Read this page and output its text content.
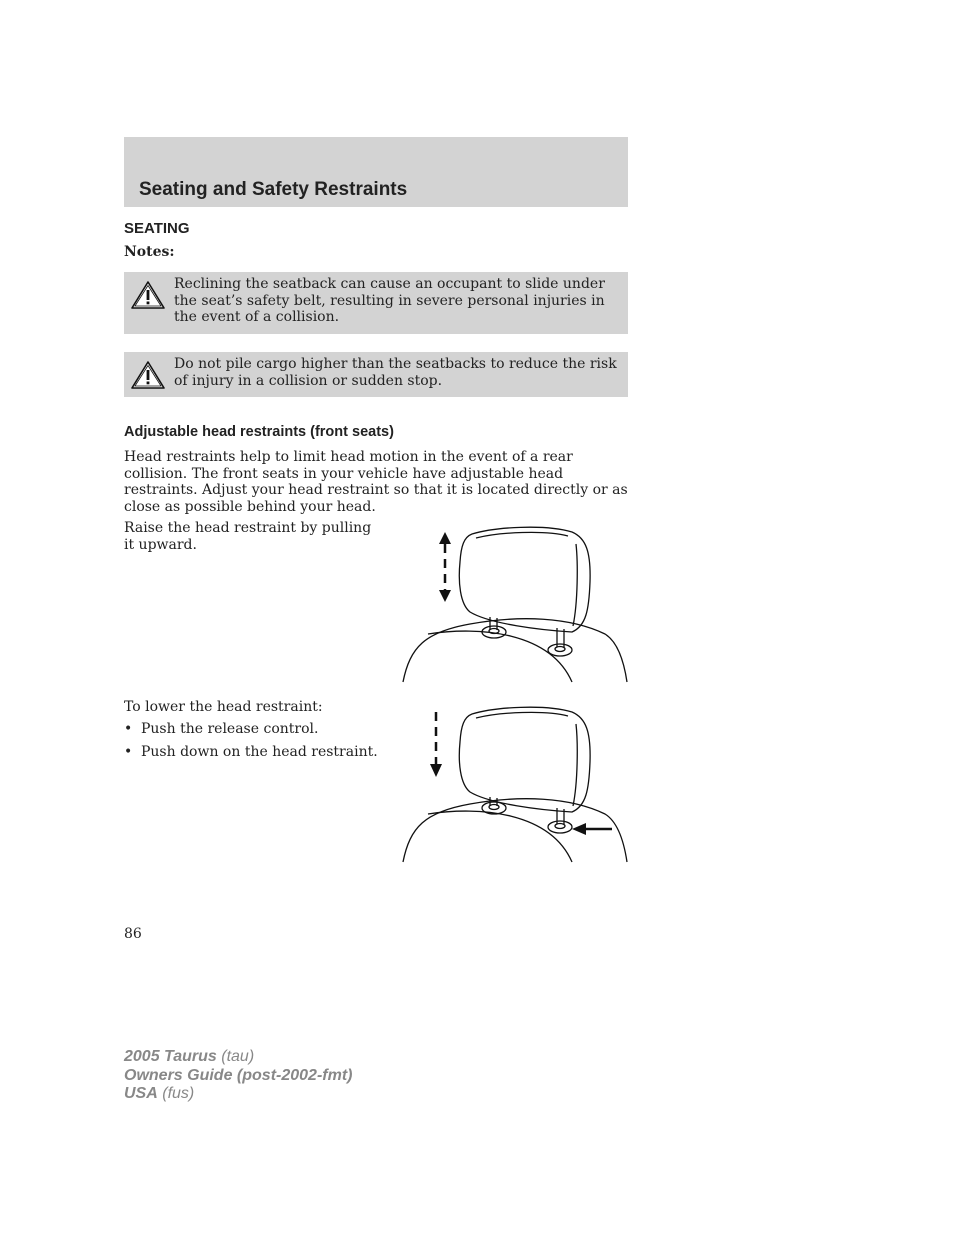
Seating and Safety Restraints
SEATING

Notes:

Reclining the seatback can cause an occupant to slide under the seat’s safety belt, resulting in severe personal injuries in the event of a collision.
Do not pile cargo higher than the seatbacks to reduce the risk of injury in a collision or sudden stop.
Adjustable head restraints (front seats)

Head restraints help to limit head motion in the event of a rear collision. The front seats in your vehicle have adjustable head restraints. Adjust your head restraint so that it is located directly or as close as possible behind your head.

Raise the head restraint by pulling it upward.

To lower the head restraint:

• Push the release control.
• Push down on the head restraint.

86

2005 Taurus (tau)
Owners Guide (post-2002-fmt)
USA (fus)
